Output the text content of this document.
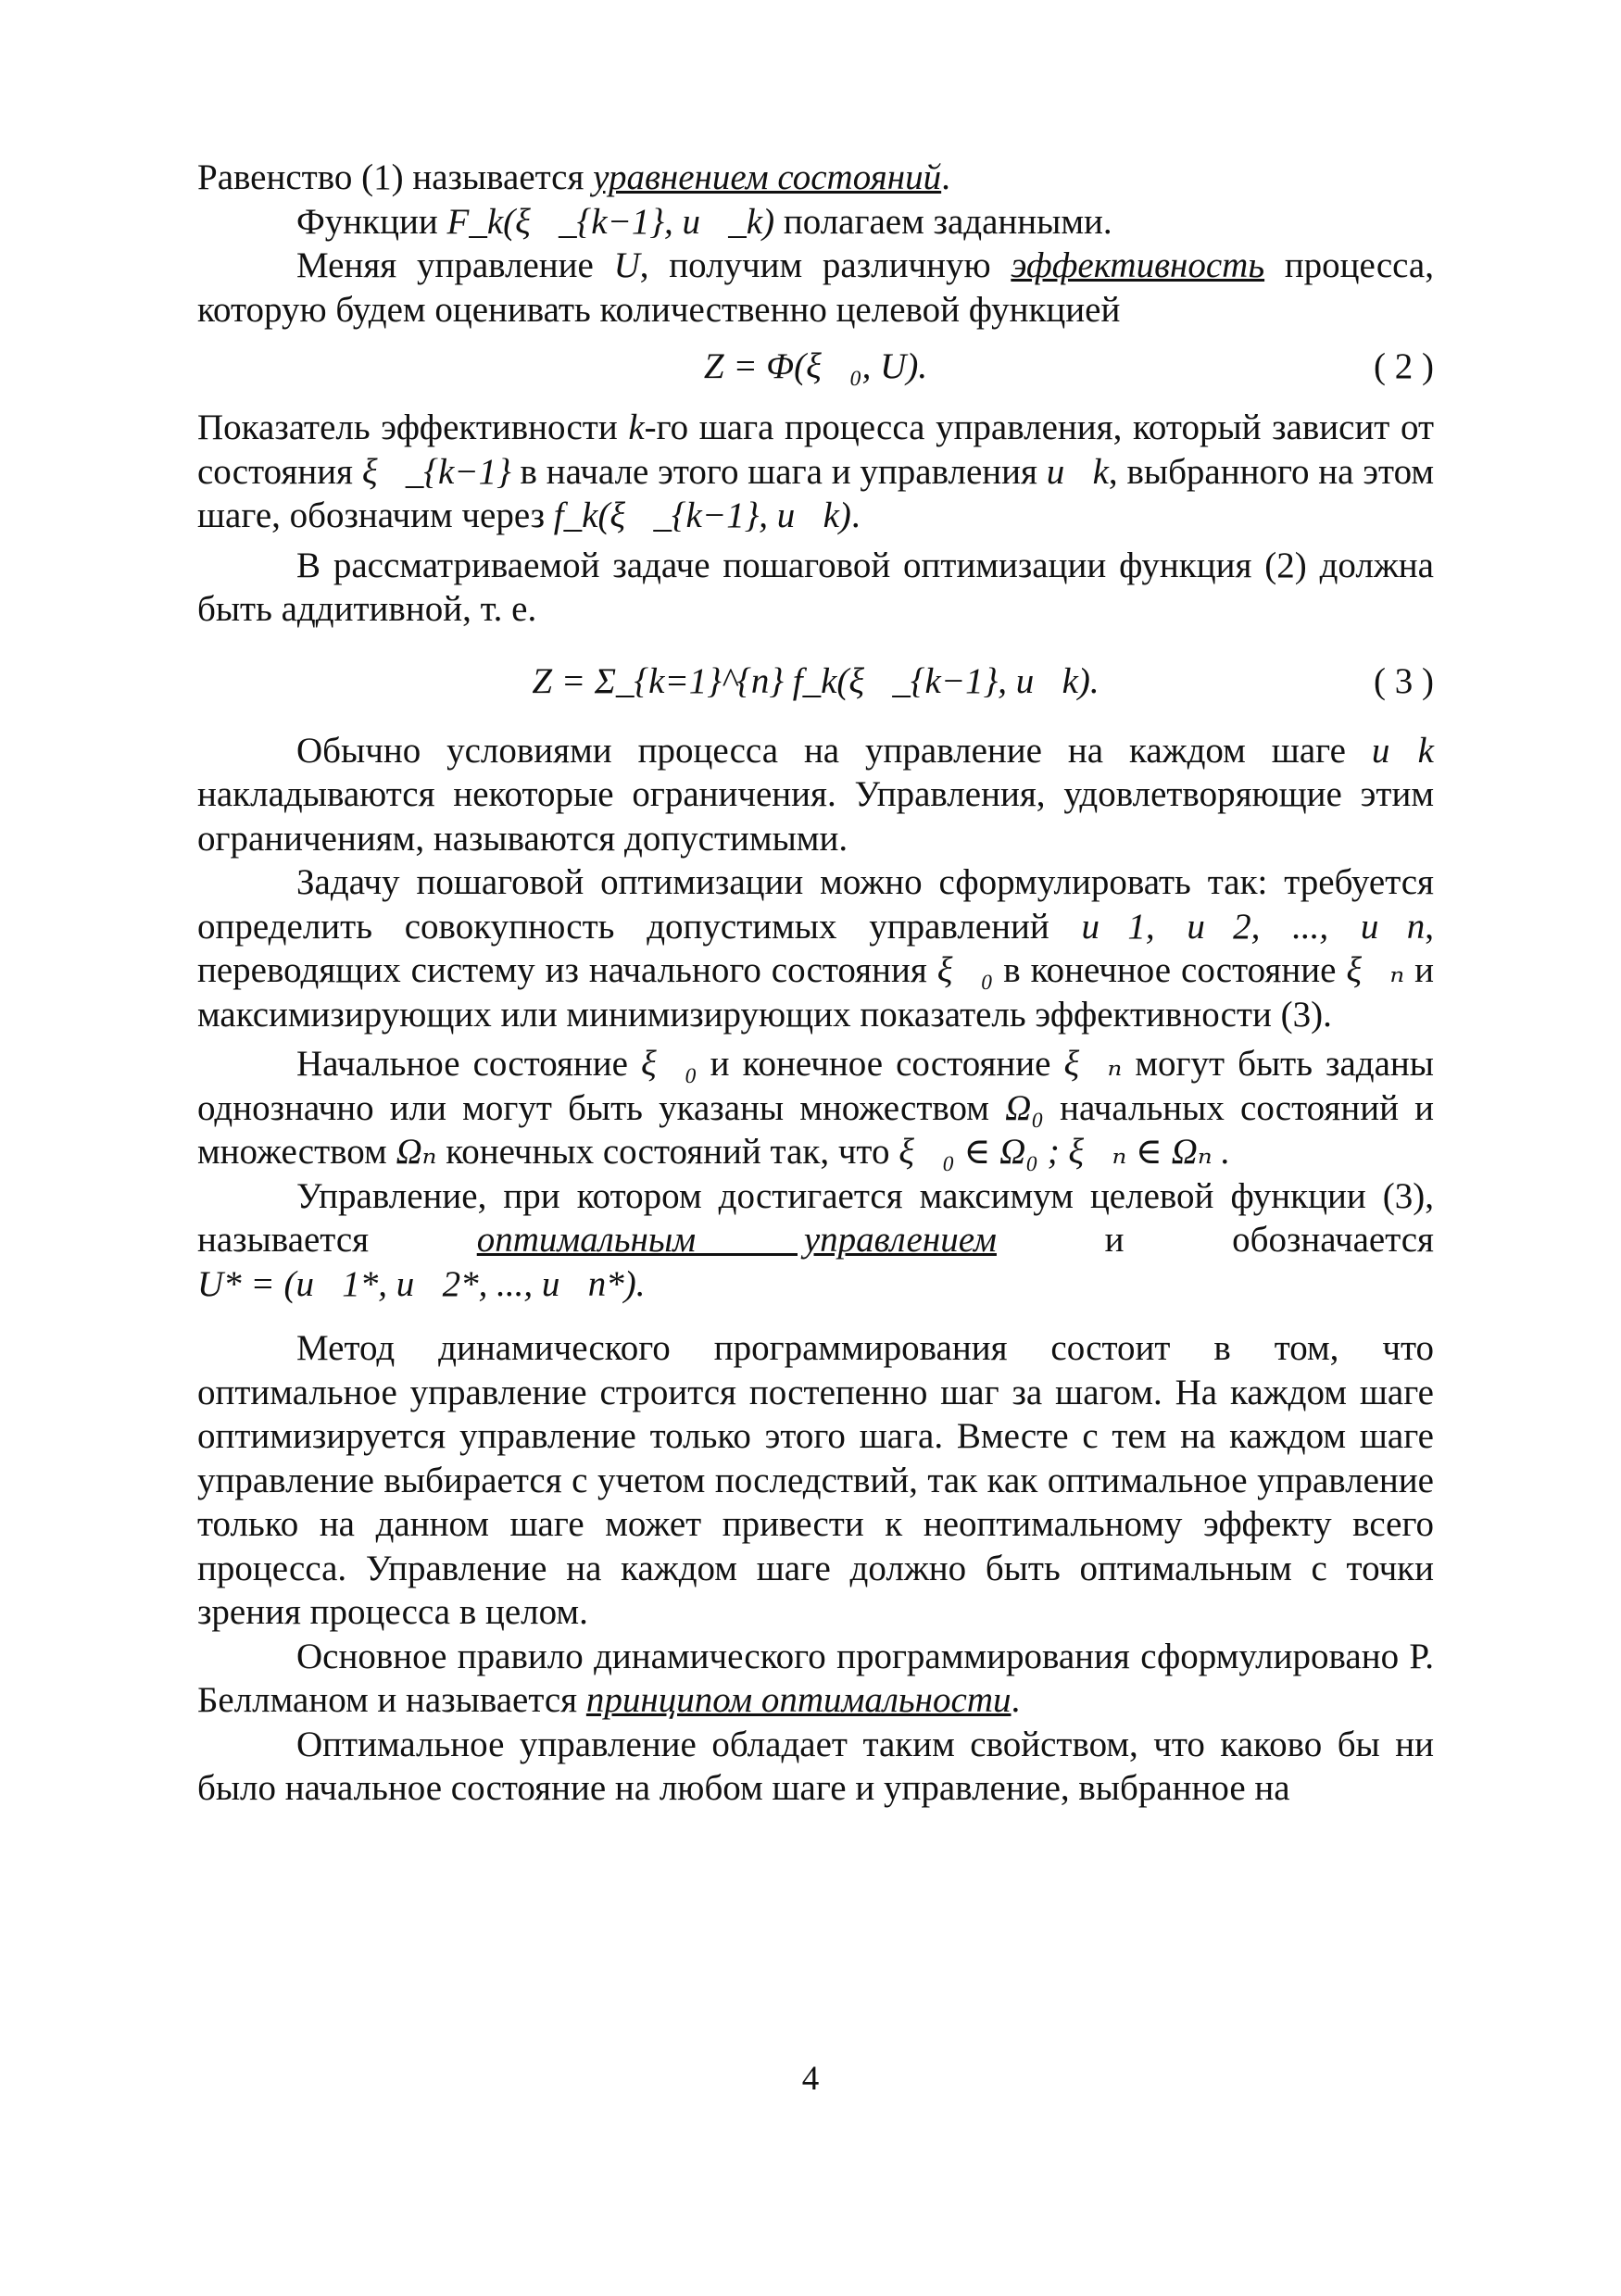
Равенство (1) называется уравнением состояний.

Функции F_k(ξ⃗_{k−1}, u⃗_k) полагаем заданными.

Меняя управление U, получим различную эффективность процесса, которую будем оценивать количественно целевой функцией

Z = Φ(ξ⃗₀, U).	( 2 )

Показатель эффективности k-го шага процесса управления, который зависит от состояния ξ⃗_{k−1} в начале этого шага и управления u⃗k, выбранного на этом шаге, обозначим через f_k(ξ⃗_{k−1}, u⃗k).

В рассматриваемой задаче пошаговой оптимизации функция (2) должна быть аддитивной, т. е.

Z = Σ_{k=1}^{n} f_k(ξ⃗_{k−1}, u⃗k).	( 3 )

Обычно условиями процесса на управление на каждом шаге u⃗k накладываются некоторые ограничения. Управления, удовлетворяющие этим ограничениям, называются допустимыми.

Задачу пошаговой оптимизации можно сформулировать так: требуется определить совокупность допустимых управлений u⃗1, u⃗2, ..., u⃗n, переводящих систему из начального состояния ξ⃗₀ в конечное состояние ξ⃗ₙ и максимизирующих или минимизирующих показатель эффективности (3).

Начальное состояние ξ⃗₀ и конечное состояние ξ⃗ₙ могут быть заданы однозначно или могут быть указаны множеством Ω₀ начальных состояний и множеством Ωₙ конечных состояний так, что ξ⃗₀ ∈ Ω₀ ; ξ⃗ₙ ∈ Ωₙ .

Управление, при котором достигается максимум целевой функции (3), называется оптимальным управлением и обозначается U* = (u⃗1*, u⃗2*, ..., u⃗n*).

Метод динамического программирования состоит в том, что оптимальное управление строится постепенно шаг за шагом. На каждом шаге оптимизируется управление только этого шага. Вместе с тем на каждом шаге управление выбирается с учетом последствий, так как оптимальное управление только на данном шаге может привести к неоптимальному эффекту всего процесса. Управление на каждом шаге должно быть оптимальным с точки зрения процесса в целом.

Основное правило динамического программирования сформулировано Р. Беллманом и называется принципом оптимальности.

Оптимальное управление обладает таким свойством, что каково бы ни было начальное состояние на любом шаге и управление, выбранное на

4
